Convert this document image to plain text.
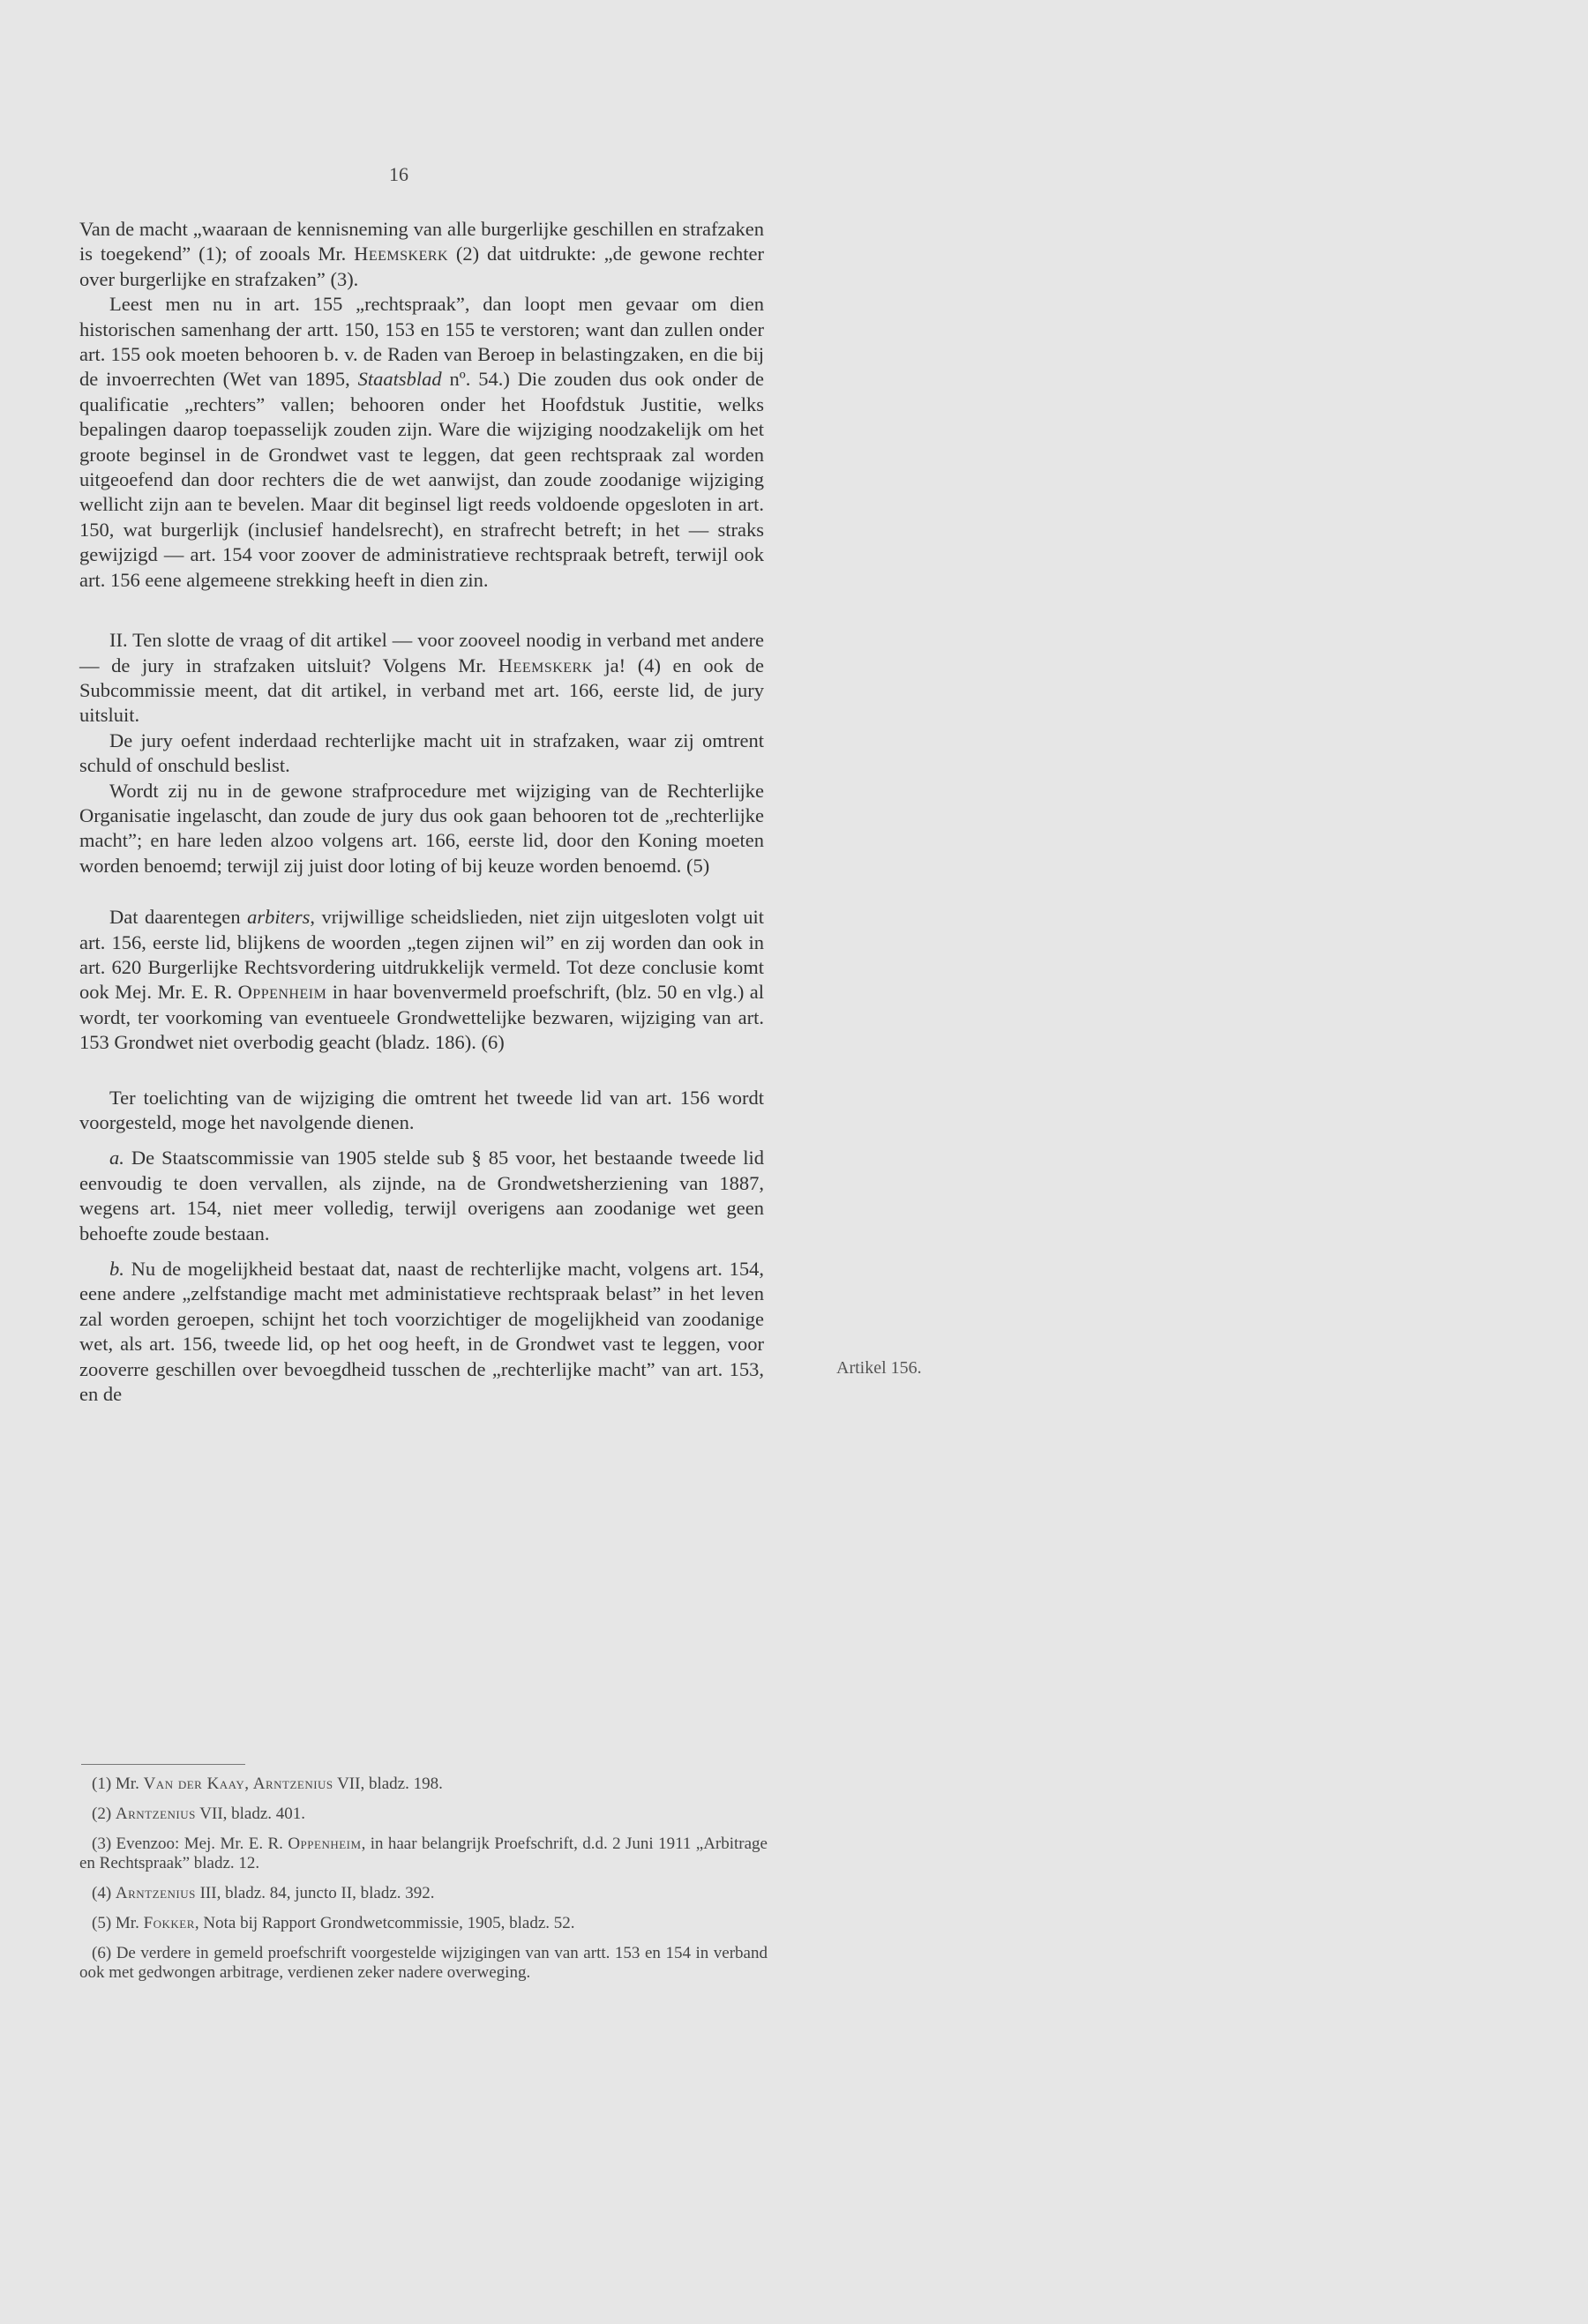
16

Van de macht „waaraan de kennisneming van alle burgerlijke geschillen en strafzaken is toegekend” (1); of zooals Mr. Heemskerk (2) dat uitdrukte: „de gewone rechter over burgerlijke en strafzaken” (3).

Leest men nu in art. 155 „rechtspraak”, dan loopt men gevaar om dien historischen samenhang der artt. 150, 153 en 155 te verstoren; want dan zullen onder art. 155 ook moeten behooren b. v. de Raden van Beroep in belastingzaken, en die bij de invoerrechten (Wet van 1895, Staatsblad nº. 54.) Die zouden dus ook onder de qualificatie „rechters” vallen; behooren onder het Hoofdstuk Justitie, welks bepalingen daarop toepasselijk zouden zijn. Ware die wijziging noodzakelijk om het groote beginsel in de Grondwet vast te leggen, dat geen rechtspraak zal worden uitgeoefend dan door rechters die de wet aanwijst, dan zoude zoodanige wijziging wellicht zijn aan te bevelen. Maar dit beginsel ligt reeds voldoende opgesloten in art. 150, wat burgerlijk (inclusief handelsrecht), en strafrecht betreft; in het — straks gewijzigd — art. 154 voor zoover de administratieve rechtspraak betreft, terwijl ook art. 156 eene algemeene strekking heeft in dien zin.

II. Ten slotte de vraag of dit artikel — voor zooveel noodig in verband met andere — de jury in strafzaken uitsluit? Volgens Mr. Heemskerk ja! (4) en ook de Subcommissie meent, dat dit artikel, in verband met art. 166, eerste lid, de jury uitsluit.

De jury oefent inderdaad rechterlijke macht uit in strafzaken, waar zij omtrent schuld of onschuld beslist.

Wordt zij nu in de gewone strafprocedure met wijziging van de Rechterlijke Organisatie ingelascht, dan zoude de jury dus ook gaan behooren tot de „rechterlijke macht”; en hare leden alzoo volgens art. 166, eerste lid, door den Koning moeten worden benoemd; terwijl zij juist door loting of bij keuze worden benoemd. (5)

Dat daarentegen arbiters, vrijwillige scheidslieden, niet zijn uitgesloten volgt uit art. 156, eerste lid, blijkens de woorden „tegen zijnen wil” en zij worden dan ook in art. 620 Burgerlijke Rechtsvordering uitdrukkelijk vermeld. Tot deze conclusie komt ook Mej. Mr. E. R. Oppenheim in haar bovenvermeld proefschrift, (blz. 50 en vlg.) al wordt, ter voorkoming van eventueele Grondwettelijke bezwaren, wijziging van art. 153 Grondwet niet overbodig geacht (bladz. 186). (6)

Ter toelichting van de wijziging die omtrent het tweede lid van art. 156 wordt voorgesteld, moge het navolgende dienen.

a. De Staatscommissie van 1905 stelde sub § 85 voor, het bestaande tweede lid eenvoudig te doen vervallen, als zijnde, na de Grondwetsherziening van 1887, wegens art. 154, niet meer volledig, terwijl overigens aan zoodanige wet geen behoefte zoude bestaan.

b. Nu de mogelijkheid bestaat dat, naast de rechterlijke macht, volgens art. 154, eene andere „zelfstandige macht met administatieve rechtspraak belast” in het leven zal worden geroepen, schijnt het toch voorzichtiger de mogelijkheid van zoodanige wet, als art. 156, tweede lid, op het oog heeft, in de Grondwet vast te leggen, voor zooverre geschillen over bevoegdheid tusschen de „rechterlijke macht” van art. 153, en de

Artikel 156.

(1) Mr. Van der Kaay, Arntzenius VII, bladz. 198.

(2) Arntzenius VII, bladz. 401.

(3) Evenzoo: Mej. Mr. E. R. Oppenheim, in haar belangrijk Proefschrift, d.d. 2 Juni 1911 „Arbitrage en Rechtspraak” bladz. 12.

(4) Arntzenius III, bladz. 84, juncto II, bladz. 392.

(5) Mr. Fokker, Nota bij Rapport Grondwetcommissie, 1905, bladz. 52.

(6) De verdere in gemeld proefschrift voorgestelde wijzigingen van van artt. 153 en 154 in verband ook met gedwongen arbitrage, verdienen zeker nadere overweging.
